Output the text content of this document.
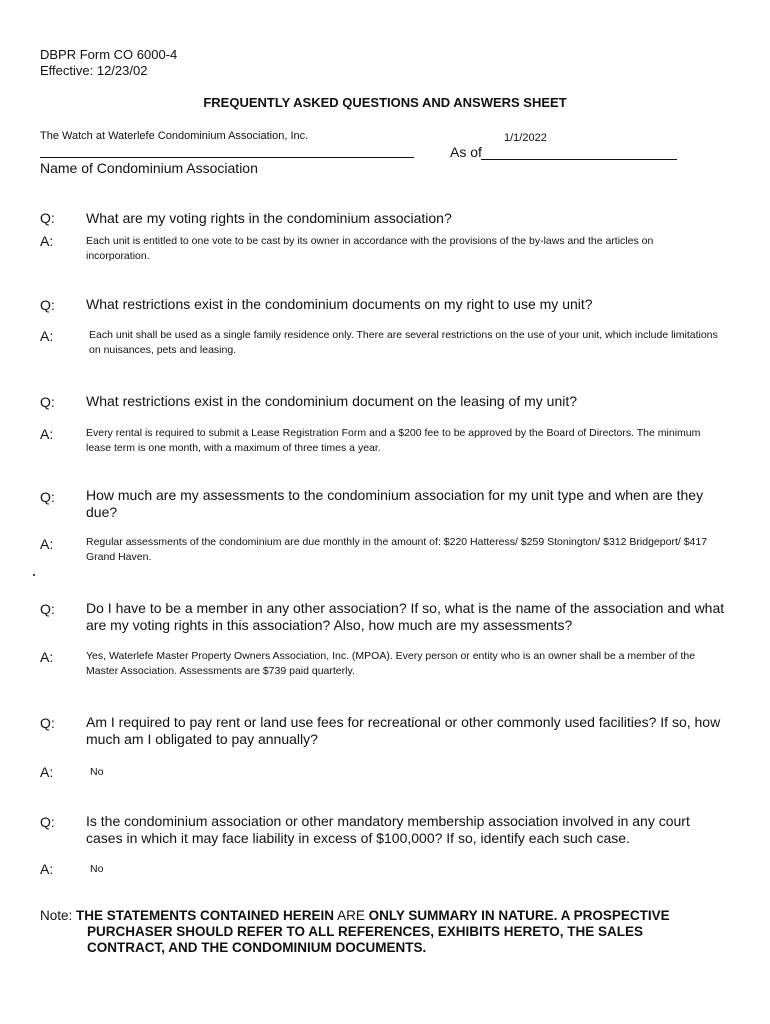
DBPR Form CO 6000-4
Effective: 12/23/02
FREQUENTLY ASKED QUESTIONS AND ANSWERS SHEET
The Watch at Waterlefe Condominium Association, Inc.
Name of Condominium Association
1/1/2022
As of
Q: What are my voting rights in the condominium association?
A:	Each unit is entitled to one vote to be cast by its owner in accordance with the provisions of the by-laws and the articles on incorporation.
Q: What restrictions exist in the condominium documents on my right to use my unit?
A:	Each unit shall be used as a single family residence only. There are several restrictions on the use of your unit, which include limitations on nuisances, pets and leasing.
Q: What restrictions exist in the condominium document on the leasing of my unit?
A:	Every rental is required to submit a Lease Registration Form and a $200 fee to be approved by the Board of Directors. The minimum lease term is one month, with a maximum of three times a year.
Q: How much are my assessments to the condominium association for my unit type and when are they due?
A:	Regular assessments of the condominium are due monthly in the amount of: $220 Hatteress/ $259 Stonington/ $312 Bridgeport/ $417 Grand Haven.
Q: Do I have to be a member in any other association? If so, what is the name of the association and what are my voting rights in this association? Also, how much are my assessments?
A:	Yes, Waterlefe Master Property Owners Association, Inc. (MPOA). Every person or entity who is an owner shall be a member of the Master Association. Assessments are $739 paid quarterly.
Q: Am I required to pay rent or land use fees for recreational or other commonly used facilities? If so, how much am I obligated to pay annually?
A:	No
Q: Is the condominium association or other mandatory membership association involved in any court cases in which it may face liability in excess of $100,000? If so, identify each such case.
A:	No
Note: THE STATEMENTS CONTAINED HEREIN ARE ONLY SUMMARY IN NATURE. A PROSPECTIVE
PURCHASER SHOULD REFER TO ALL REFERENCES, EXHIBITS HERETO, THE SALES
CONTRACT, AND THE CONDOMINIUM DOCUMENTS.
